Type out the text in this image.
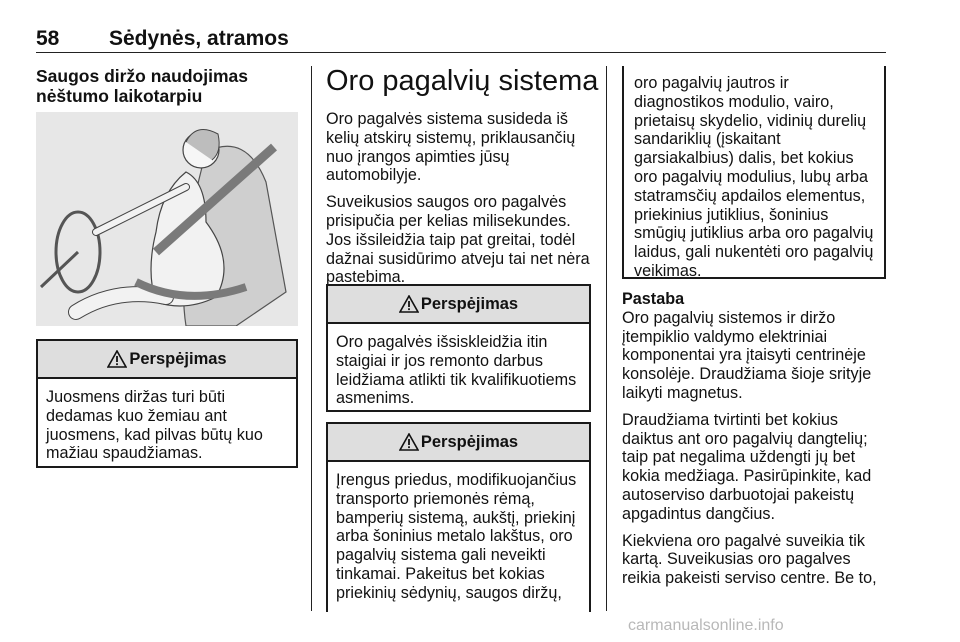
58 Sėdynės, atramos
Saugos diržo naudojimas nėštumo laikotarpiu
Perspėjimas
Juosmens diržas turi būti dedamas kuo žemiau ant juosmens, kad pilvas būtų kuo mažiau spaudžiamas.
Oro pagalvių sistema

Oro pagalvės sistema susideda iš kelių atskirų sistemų, priklausančių nuo įrangos apimties jūsų automobilyje.

Suveikusios saugos oro pagalvės prisipučia per kelias milisekundes. Jos išsileidžia taip pat greitai, todėl dažnai susidūrimo atveju tai net nėra pastebima.

Perspėjimas
Oro pagalvės išsiskleidžia itin staigiai ir jos remonto darbus leidžiama atlikti tik kvalifikuotiems asmenims.
Perspėjimas
Įrengus priedus, modifikuojančius transporto priemonės rėmą, bamperių sistemą, aukštį, priekinį arba šoninius metalo lakštus, oro pagalvių sistema gali neveikti tinkamai. Pakeitus bet kokias priekinių sėdynių, saugos diržų,
oro pagalvių jautros ir diagnostikos modulio, vairo, prietaisų skydelio, vidinių durelių sandariklių (įskaitant garsiakalbius) dalis, bet kokius oro pagalvių modulius, lubų arba statramsčių apdailos elementus, priekinius jutiklius, šoninius smūgių jutiklius arba oro pagalvių laidus, gali nukentėti oro pagalvių veikimas.
Pastaba

Oro pagalvių sistemos ir diržo įtempiklio valdymo elektriniai komponentai yra įtaisyti centrinėje konsolėje. Draudžiama šioje srityje laikyti magnetus.

Draudžiama tvirtinti bet kokius daiktus ant oro pagalvių dangtelių; taip pat negalima uždengti jų bet kokia medžiaga. Pasirūpinkite, kad autoserviso darbuotojai pakeistų apgadintus dangčius.

Kiekviena oro pagalvė suveikia tik kartą. Suveikusias oro pagalves reikia pakeisti serviso centre. Be to,

carmanualsonline.info
